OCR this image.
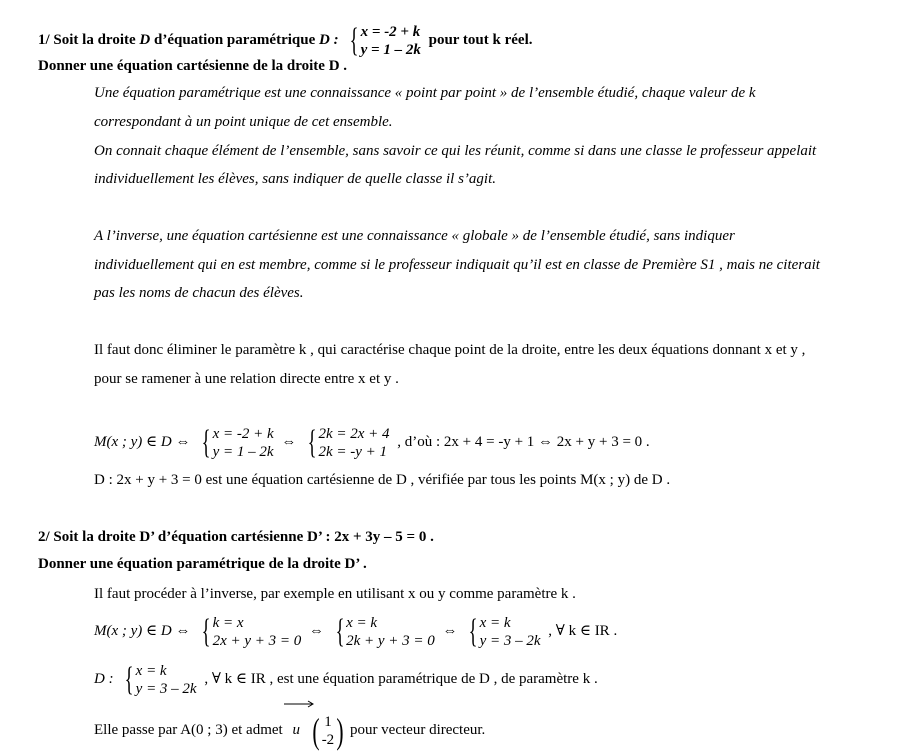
1/ Soit la droite D d’équation paramétrique D : { x = -2 + k
y = 1 – 2k
pour tout k réel.
Donner une équation cartésienne de la droite D .
Une équation paramétrique est une connaissance « point par point » de l’ensemble étudié, chaque valeur de k
correspondant à un point unique de cet ensemble.
On connait chaque élément de l’ensemble, sans savoir ce qui les réunit, comme si dans une classe le professeur appelait
individuellement les élèves, sans indiquer de quelle classe il s’agit.
A l’inverse, une équation cartésienne est une connaissance « globale » de l’ensemble étudié, sans indiquer
individuellement qui en est membre, comme si le professeur indiquait qu’il est en classe de Première S1 , mais ne citerait
pas les noms de chacun des élèves.
Il faut donc éliminer le paramètre k , qui caractérise chaque point de la droite, entre les deux équations donnant x et y ,
pour se ramener à une relation directe entre x et y .
M(x ; y) ∈ D ⇔ { x = -2 + k
y = 1 – 2k
⇔ { 2k = 2x + 4
2k = -y + 1
, d’où : 2x + 4 = -y + 1 ⇔ 2x + y + 3 = 0 .
D : 2x + y + 3 = 0 est une équation cartésienne de D , vérifiée par tous les points M(x ; y) de D .
2/ Soit la droite D’ d’équation cartésienne D’ : 2x + 3y – 5 = 0 .
Donner une équation paramétrique de la droite D’ .
Il faut procéder à l’inverse, par exemple en utilisant x ou y comme paramètre k .
M(x ; y) ∈ D ⇔ { k = x
2x + y + 3 = 0
⇔ { x = k
2k + y + 3 = 0
⇔ { x = k
y = 3 – 2k
, ∀ k ∈ IR .
D : { x = k
y = 3 – 2k
, ∀ k ∈ IR , est une équation paramétrique de D , de paramètre k .
Elle passe par A(0 ; 3) et admet u ( 1
-2 ) pour vecteur directeur.
